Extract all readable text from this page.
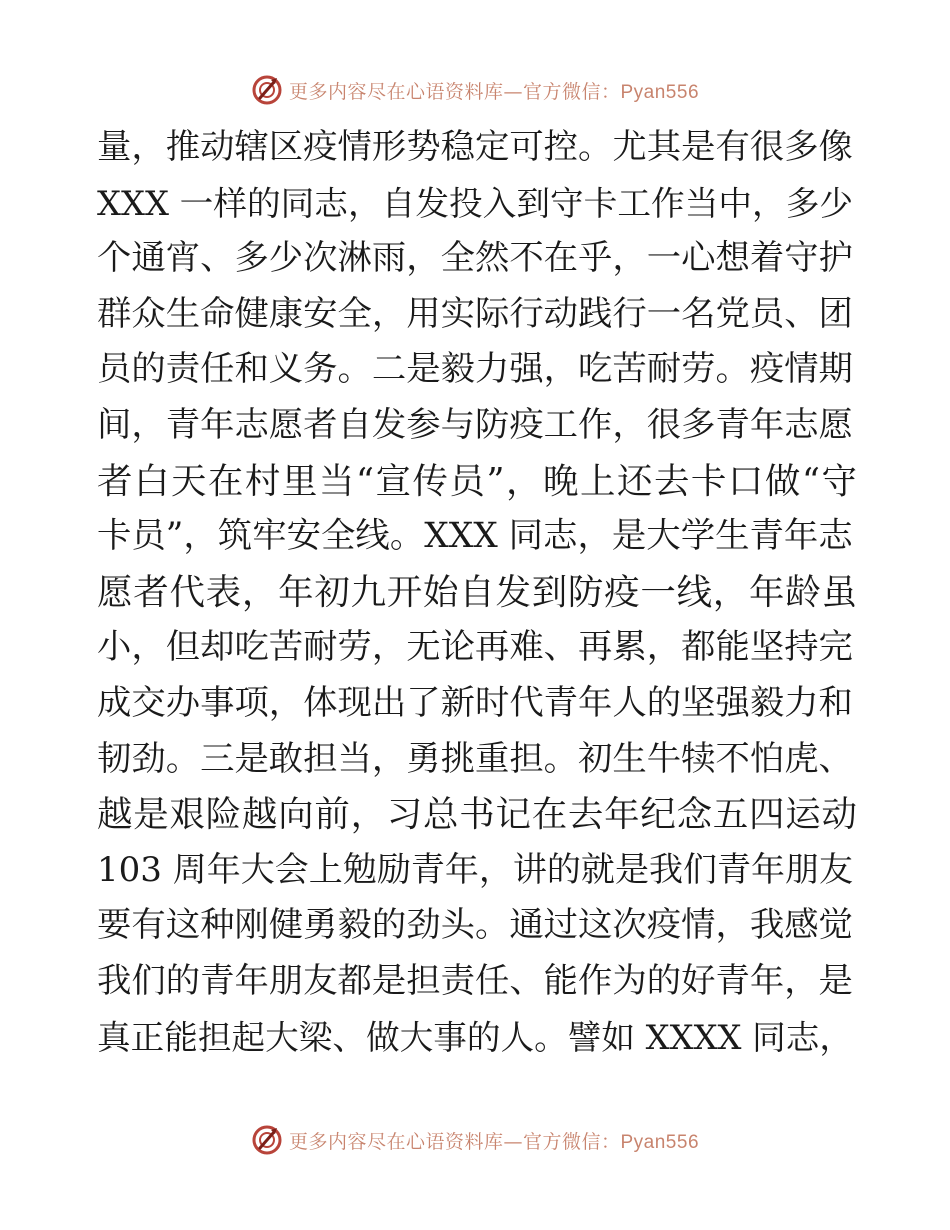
更多内容尽在心语资料库—官方微信：Pyan556
量，推动辖区疫情形势稳定可控。尤其是有很多像
XXX 一样的同志，自发投入到守卡工作当中，多少
个通宵、多少次淋雨，全然不在乎，一心想着守护
群众生命健康安全，用实际行动践行一名党员、团
员的责任和义务。二是毅力强，吃苦耐劳。疫情期
间，青年志愿者自发参与防疫工作，很多青年志愿
者白天在村里当“宣传员”，晚上还去卡口做“守
卡员”，筑牢安全线。XXX 同志，是大学生青年志
愿者代表，年初九开始自发到防疫一线，年龄虽
小，但却吃苦耐劳，无论再难、再累，都能坚持完
成交办事项，体现出了新时代青年人的坚强毅力和
韧劲。三是敢担当，勇挑重担。初生牛犊不怕虎、
越是艰险越向前，习总书记在去年纪念五四运动
103 周年大会上勉励青年，讲的就是我们青年朋友
要有这种刚健勇毅的劲头。通过这次疫情，我感觉
我们的青年朋友都是担责任、能作为的好青年，是
真正能担起大梁、做大事的人。譬如 XXXX 同志，
更多内容尽在心语资料库—官方微信：Pyan556
